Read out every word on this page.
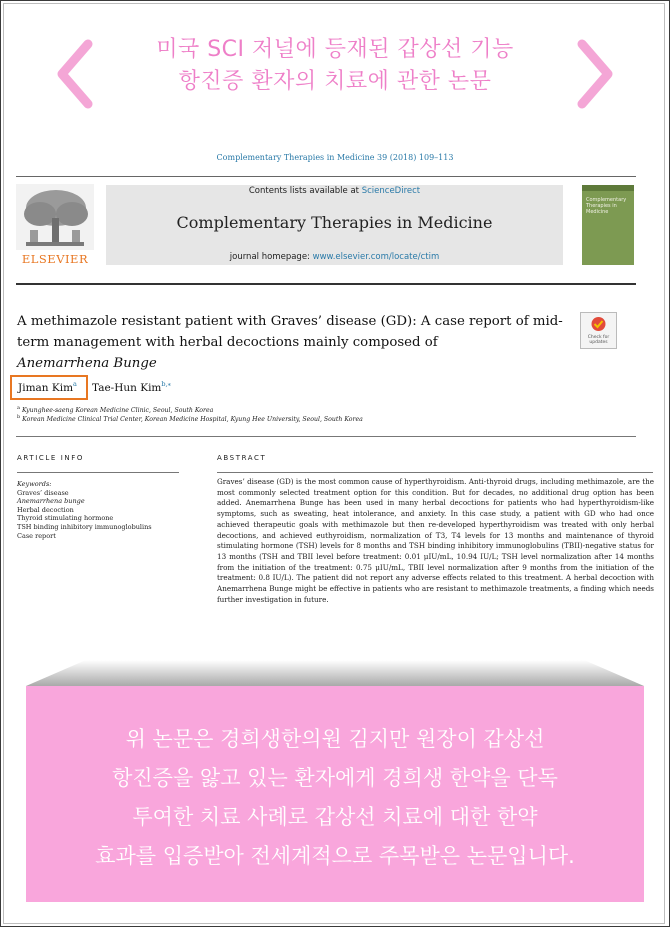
미국 SCI 저널에 등재된 갑상선 기능
항진증 환자의 치료에 관한 논문
Complementary Therapies in Medicine 39 (2018) 109–113
ELSEVIER
Contents lists available at ScienceDirect
Complementary Therapies in Medicine
journal homepage: www.elsevier.com/locate/ctim
Complementary Therapies in Medicine
A methimazole resistant patient with Graves’ disease (GD): A case report of mid-term management with herbal decoctions mainly composed of
Anemarrhena Bunge
Check for updates
Jiman Kim$^a$ Tae-Hun Kim$^{b,⁎}$
$^a$ Kyunghee-saeng Korean Medicine Clinic, Seoul, South Korea
$^b$ Korean Medicine Clinical Trial Center, Korean Medicine Hospital, Kyung Hee University, Seoul, South Korea
ARTICLE INFO	ABSTRACT
Keywords:
Graves’ disease
Anemarrhena bunge
Herbal decoction
Thyroid stimulating hormone
TSH binding inhibitory immunoglobulins
Case report
Graves’ disease (GD) is the most common cause of hyperthyroidism. Anti-thyroid drugs, including methimazole, are the most commonly selected treatment option for this condition. But for decades, no additional drug option has been added. Anemarrhena Bunge has been used in many herbal decoctions for patients who had hyperthyroidism-like symptoms, such as sweating, heat intolerance, and anxiety. In this case study, a patient with GD who had once achieved therapeutic goals with methimazole but then re-developed hyperthyroidism was treated with only herbal decoctions, and achieved euthyroidism, normalization of T3, T4 levels for 13 months and maintenance of thyroid stimulating hormone (TSH) levels for 8 months and TSH binding inhibitory immunoglobulins (TBII)-negative status for 13 months (TSH and TBII level before treatment: 0.01 μIU/mL, 10.94 IU/L; TSH level normalization after 14 months from the initiation of the treatment: 0.75 μIU/mL, TBII level normalization after 9 months from the initiation of the treatment: 0.8 IU/L). The patient did not report any adverse effects related to this treatment. A herbal decoction with Anemarrhena Bunge might be effective in patients who are resistant to methimazole treatments, a finding which needs further investigation in future.
위 논문은 경희생한의원 김지만 원장이 갑상선
항진증을 앓고 있는 환자에게 경희생 한약을 단독
투여한 치료 사례로 갑상선 치료에 대한 한약
효과를 입증받아 전세계적으로 주목받은 논문입니다.
